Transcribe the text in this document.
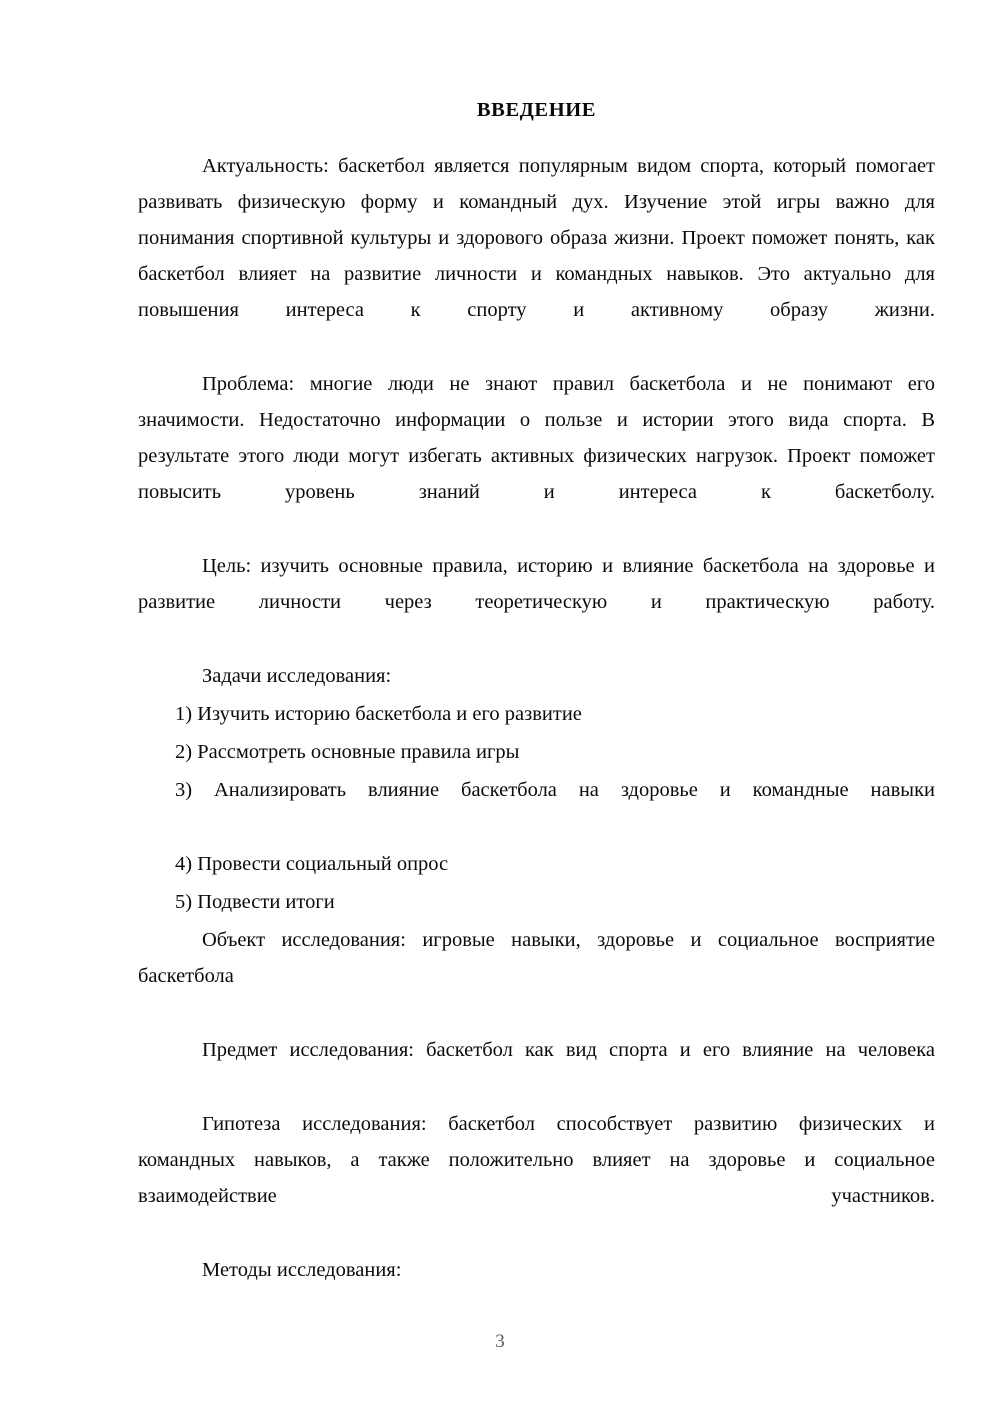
ВВЕДЕНИЕ

Актуальность: баскетбол является популярным видом спорта, который помогает развивать физическую форму и командный дух. Изучение этой игры важно для понимания спортивной культуры и здорового образа жизни. Проект поможет понять, как баскетбол влияет на развитие личности и командных навыков. Это актуально для повышения интереса к спорту и активному образу жизни.

Проблема: многие люди не знают правил баскетбола и не понимают его значимости. Недостаточно информации о пользе и истории этого вида спорта. В результате этого люди могут избегать активных физических нагрузок. Проект поможет повысить уровень знаний и интереса к баскетболу.

Цель: изучить основные правила, историю и влияние баскетбола на здоровье и развитие личности через теоретическую и практическую работу.

Задачи исследования:

1) Изучить историю баскетбола и его развитие

2) Рассмотреть основные правила игры

3) Анализировать влияние баскетбола на здоровье и командные навыки

4) Провести социальный опрос

5) Подвести итоги

Объект исследования: игровые навыки, здоровье и социальное восприятие баскетбола

Предмет исследования: баскетбол как вид спорта и его влияние на человека

Гипотеза исследования: баскетбол способствует развитию физических и командных навыков, а также положительно влияет на здоровье и социальное взаимодействие участников.

Методы исследования:

3
